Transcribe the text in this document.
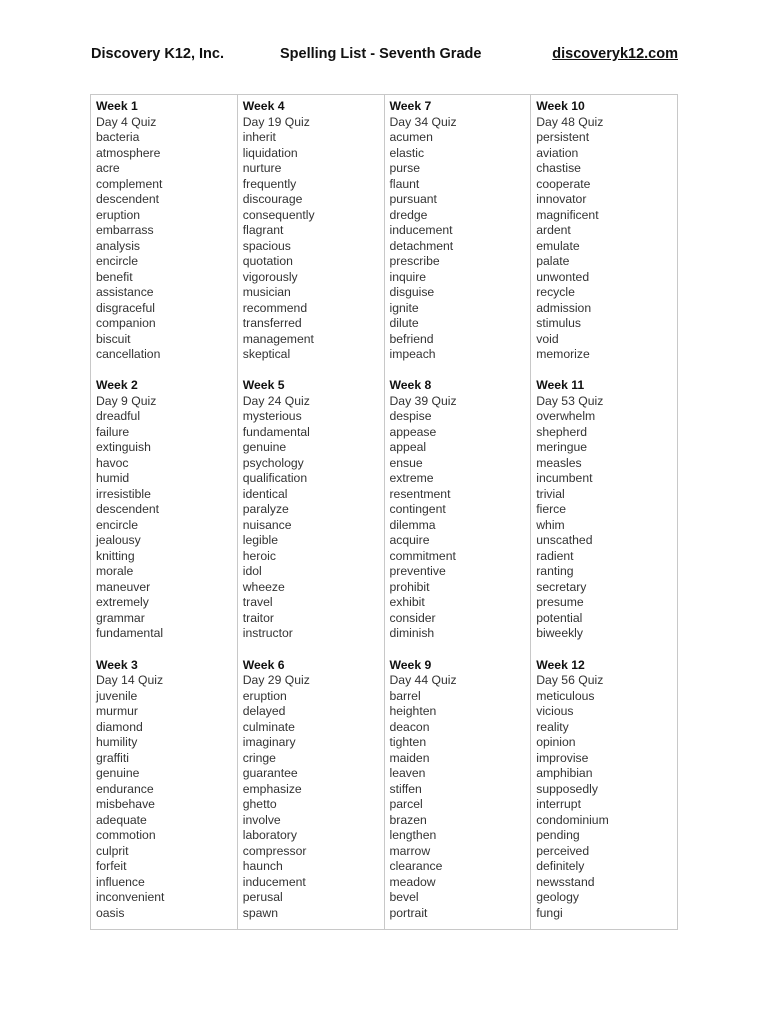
Discovery K12, Inc.	Spelling List - Seventh Grade	discoveryk12.com
Week 1
Day 4 Quiz
bacteria
atmosphere
acre
complement
descendent
eruption
embarrass
analysis
encircle
benefit
assistance
disgraceful
companion
biscuit
cancellation
Week 2
Day 9 Quiz
dreadful
failure
extinguish
havoc
humid
irresistible
descendent
encircle
jealousy
knitting
morale
maneuver
extremely
grammar
fundamental
Week 3
Day 14 Quiz
juvenile
murmur
diamond
humility
graffiti
genuine
endurance
misbehave
adequate
commotion
culprit
forfeit
influence
inconvenient
oasis
Week 4
Day 19 Quiz
inherit
liquidation
nurture
frequently
discourage
consequently
flagrant
spacious
quotation
vigorously
musician
recommend
transferred
management
skeptical
Week 5
Day 24 Quiz
mysterious
fundamental
genuine
psychology
qualification
identical
paralyze
nuisance
legible
heroic
idol
wheeze
travel
traitor
instructor
Week 6
Day 29 Quiz
eruption
delayed
culminate
imaginary
cringe
guarantee
emphasize
ghetto
involve
laboratory
compressor
haunch
inducement
perusal
spawn
Week 7
Day 34 Quiz
acumen
elastic
purse
flaunt
pursuant
dredge
inducement
detachment
prescribe
inquire
disguise
ignite
dilute
befriend
impeach
Week 8
Day 39 Quiz
despise
appease
appeal
ensue
extreme
resentment
contingent
dilemma
acquire
commitment
preventive
prohibit
exhibit
consider
diminish
Week 9
Day 44 Quiz
barrel
heighten
deacon
tighten
maiden
leaven
stiffen
parcel
brazen
lengthen
marrow
clearance
meadow
bevel
portrait
Week 10
Day 48 Quiz
persistent
aviation
chastise
cooperate
innovator
magnificent
ardent
emulate
palate
unwonted
recycle
admission
stimulus
void
memorize
Week 11
Day 53 Quiz
overwhelm
shepherd
meringue
measles
incumbent
trivial
fierce
whim
unscathed
radient
ranting
secretary
presume
potential
biweekly
Week 12
Day 56 Quiz
meticulous
vicious
reality
opinion
improvise
amphibian
supposedly
interrupt
condominium
pending
perceived
definitely
newsstand
geology
fungi
